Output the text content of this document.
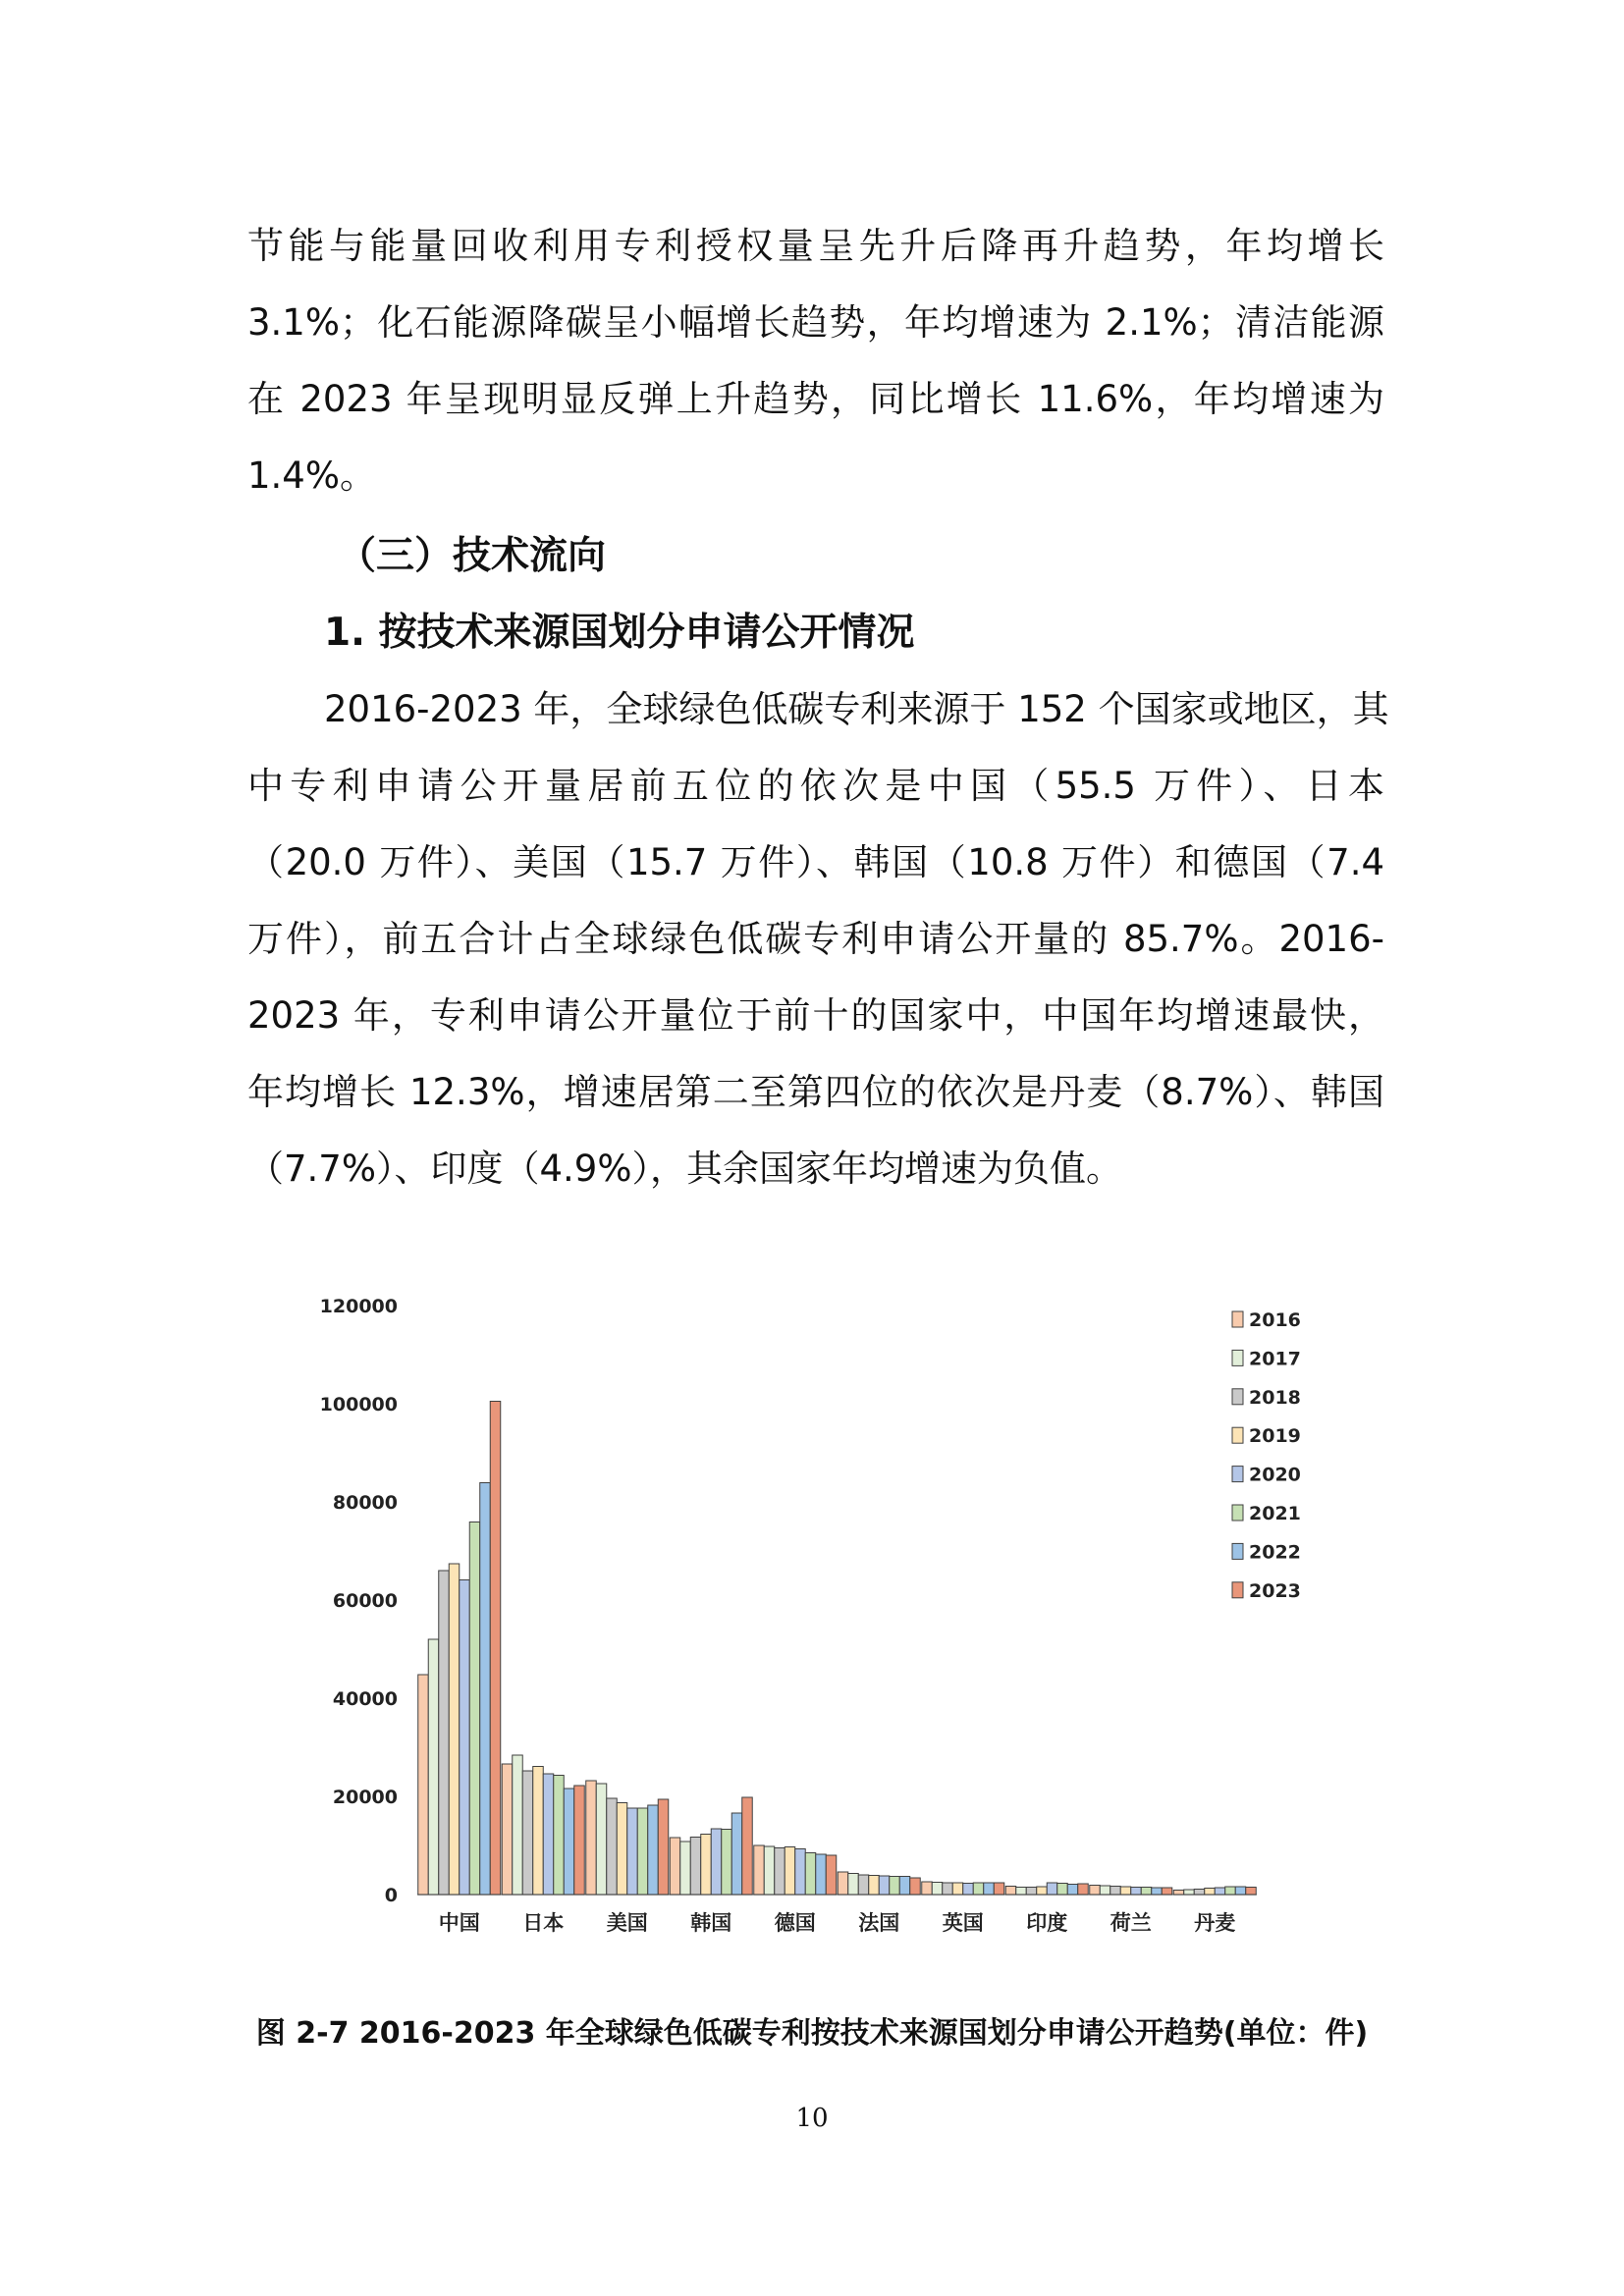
节能与能量回收利用专利授权量呈先升后降再升趋势，年均增长
3.1%；化石能源降碳呈小幅增长趋势，年均增速为 2.1%；清洁能源
在 2023 年呈现明显反弹上升趋势，同比增长 11.6%，年均增速为
1.4%。
（三）技术流向
1. 按技术来源国划分申请公开情况
2016-2023 年，全球绿色低碳专利来源于 152 个国家或地区，其
中专利申请公开量居前五位的依次是中国（55.5 万件）、日本
（20.0 万件）、美国（15.7 万件）、韩国（10.8 万件）和德国（7.4
万件），前五合计占全球绿色低碳专利申请公开量的 85.7%。2016-
2023 年，专利申请公开量位于前十的国家中，中国年均增速最快，
年均增长 12.3%，增速居第二至第四位的依次是丹麦（8.7%）、韩国
（7.7%）、印度（4.9%），其余国家年均增速为负值。
0
20000
40000
60000
80000
100000
120000
中国 日本 美国 韩国 德国 法国 英国 印度 荷兰 丹麦
2016
2017
2018
2019
2020
2021
2022
2023
图 2-7 2016-2023 年全球绿色低碳专利按技术来源国划分申请公开趋势(单位：件)
10
